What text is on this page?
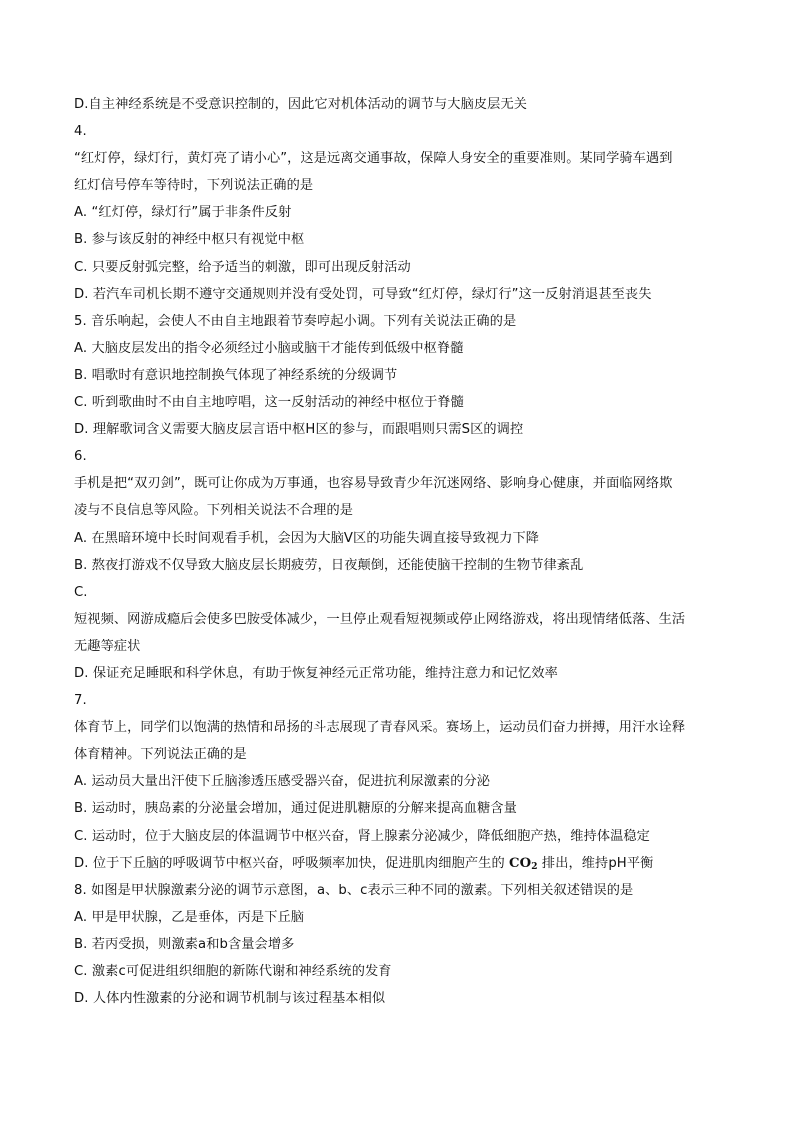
D.自主神经系统是不受意识控制的，因此它对机体活动的调节与大脑皮层无关
4.
“红灯停，绿灯行，黄灯亮了请小心”，这是远离交通事故，保障人身安全的重要准则。某同学骑车遇到
红灯信号停车等待时，下列说法正确的是
A. “红灯停，绿灯行”属于非条件反射
B. 参与该反射的神经中枢只有视觉中枢
C. 只要反射弧完整，给予适当的刺激，即可出现反射活动
D. 若汽车司机长期不遵守交通规则并没有受处罚，可导致“红灯停，绿灯行”这一反射消退甚至丧失
5. 音乐响起，会使人不由自主地跟着节奏哼起小调。下列有关说法正确的是
A. 大脑皮层发出的指令必须经过小脑或脑干才能传到低级中枢脊髓
B. 唱歌时有意识地控制换气体现了神经系统的分级调节
C. 听到歌曲时不由自主地哼唱，这一反射活动的神经中枢位于脊髓
D. 理解歌词含义需要大脑皮层言语中枢H区的参与，而跟唱则只需S区的调控
6.
手机是把“双刃剑”，既可让你成为万事通，也容易导致青少年沉迷网络、影响身心健康，并面临网络欺
凌与不良信息等风险。下列相关说法不合理的是
A. 在黑暗环境中长时间观看手机，会因为大脑V区的功能失调直接导致视力下降
B. 熬夜打游戏不仅导致大脑皮层长期疲劳，日夜颠倒，还能使脑干控制的生物节律紊乱
C.
短视频、网游成瘾后会使多巴胺受体减少，一旦停止观看短视频或停止网络游戏，将出现情绪低落、生活
无趣等症状
D. 保证充足睡眠和科学休息，有助于恢复神经元正常功能，维持注意力和记忆效率
7.
体育节上，同学们以饱满的热情和昂扬的斗志展现了青春风采。赛场上，运动员们奋力拼搏，用汗水诠释
体育精神。下列说法正确的是
A. 运动员大量出汗使下丘脑渗透压感受器兴奋，促进抗利尿激素的分泌
B. 运动时，胰岛素的分泌量会增加，通过促进肌糖原的分解来提高血糖含量
C. 运动时，位于大脑皮层的体温调节中枢兴奋，肾上腺素分泌减少，降低细胞产热，维持体温稳定
D. 位于下丘脑的呼吸调节中枢兴奋，呼吸频率加快，促进肌肉细胞产生的 $CO_2$ 排出，维持pH平衡
8. 如图是甲状腺激素分泌的调节示意图，a、b、c表示三种不同的激素。下列相关叙述错误的是
A. 甲是甲状腺，乙是垂体，丙是下丘脑
B. 若丙受损，则激素a和b含量会增多
C. 激素c可促进组织细胞的新陈代谢和神经系统的发育
D. 人体内性激素的分泌和调节机制与该过程基本相似
